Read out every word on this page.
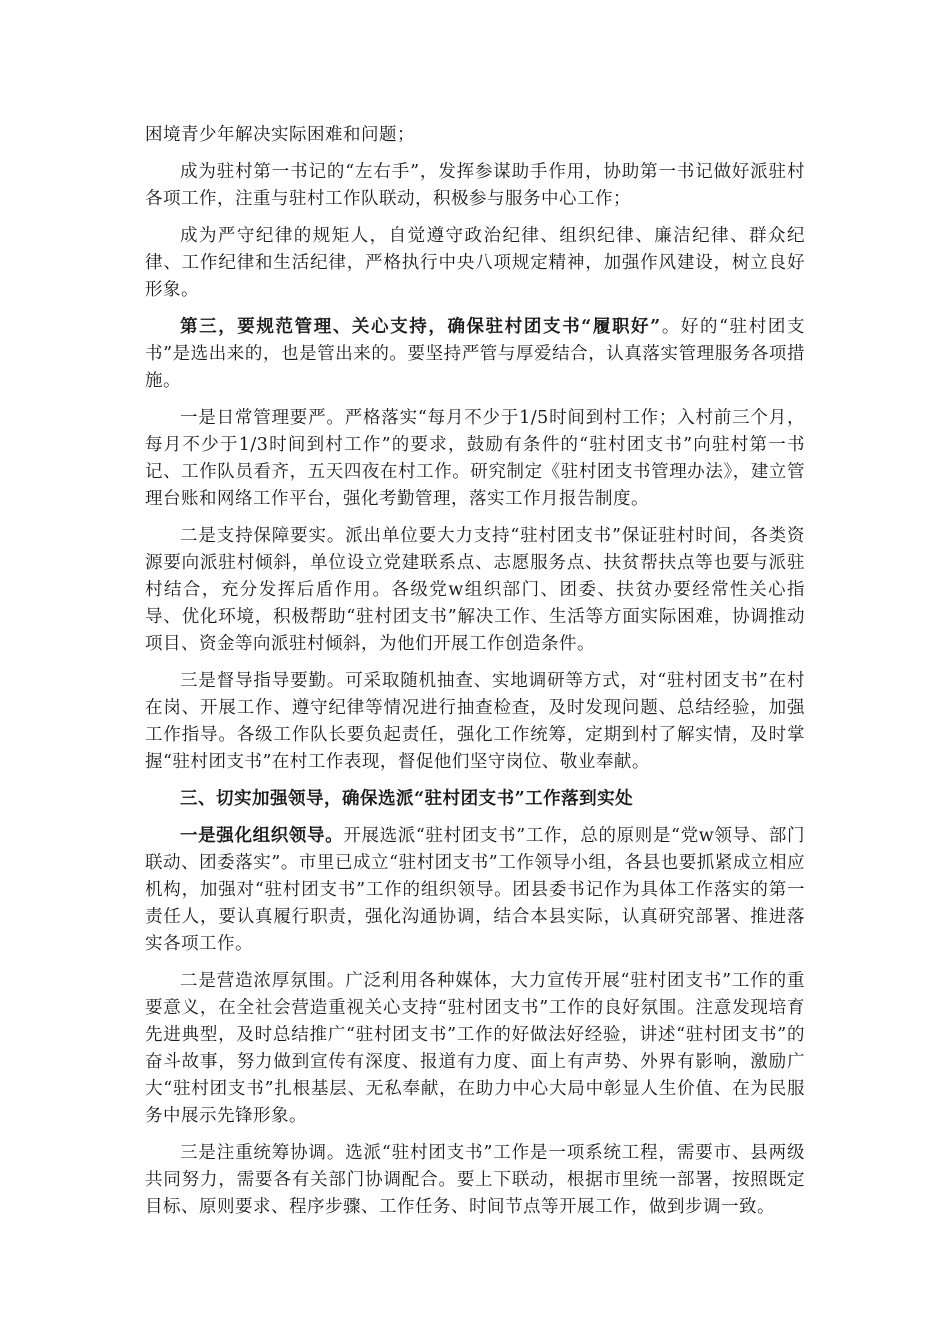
困境青少年解决实际困难和问题；

成为驻村第一书记的“左右手”，发挥参谋助手作用，协助第一书记做好派驻村各项工作，注重与驻村工作队联动，积极参与服务中心工作；

成为严守纪律的规矩人，自觉遵守政治纪律、组织纪律、廉洁纪律、群众纪律、工作纪律和生活纪律，严格执行中央八项规定精神，加强作风建设，树立良好形象。

第三，要规范管理、关心支持，确保驻村团支书“履职好”。好的“驻村团支书”是选出来的，也是管出来的。要坚持严管与厚爱结合，认真落实管理服务各项措施。

一是日常管理要严。严格落实“每月不少于1/5时间到村工作；入村前三个月，每月不少于1/3时间到村工作”的要求，鼓励有条件的“驻村团支书”向驻村第一书记、工作队员看齐，五天四夜在村工作。研究制定《驻村团支书管理办法》，建立管理台账和网络工作平台，强化考勤管理，落实工作月报告制度。

二是支持保障要实。派出单位要大力支持“驻村团支书”保证驻村时间，各类资源要向派驻村倾斜，单位设立党建联系点、志愿服务点、扶贫帮扶点等也要与派驻村结合，充分发挥后盾作用。各级党w组织部门、团委、扶贫办要经常性关心指导、优化环境，积极帮助“驻村团支书”解决工作、生活等方面实际困难，协调推动项目、资金等向派驻村倾斜，为他们开展工作创造条件。

三是督导指导要勤。可采取随机抽查、实地调研等方式，对“驻村团支书”在村在岗、开展工作、遵守纪律等情况进行抽查检查，及时发现问题、总结经验，加强工作指导。各级工作队长要负起责任，强化工作统筹，定期到村了解实情，及时掌握“驻村团支书”在村工作表现，督促他们坚守岗位、敬业奉献。

三、切实加强领导，确保选派“驻村团支书”工作落到实处

一是强化组织领导。开展选派“驻村团支书”工作，总的原则是“党w领导、部门联动、团委落实”。市里已成立“驻村团支书”工作领导小组，各县也要抓紧成立相应机构，加强对“驻村团支书”工作的组织领导。团县委书记作为具体工作落实的第一责任人，要认真履行职责，强化沟通协调，结合本县实际，认真研究部署、推进落实各项工作。

二是营造浓厚氛围。广泛利用各种媒体，大力宣传开展“驻村团支书”工作的重要意义，在全社会营造重视关心支持“驻村团支书”工作的良好氛围。注意发现培育先进典型，及时总结推广“驻村团支书”工作的好做法好经验，讲述“驻村团支书”的奋斗故事，努力做到宣传有深度、报道有力度、面上有声势、外界有影响，激励广大“驻村团支书”扎根基层、无私奉献，在助力中心大局中彰显人生价值、在为民服务中展示先锋形象。

三是注重统筹协调。选派“驻村团支书”工作是一项系统工程，需要市、县两级共同努力，需要各有关部门协调配合。要上下联动，根据市里统一部署，按照既定目标、原则要求、程序步骤、工作任务、时间节点等开展工作，做到步调一致。
